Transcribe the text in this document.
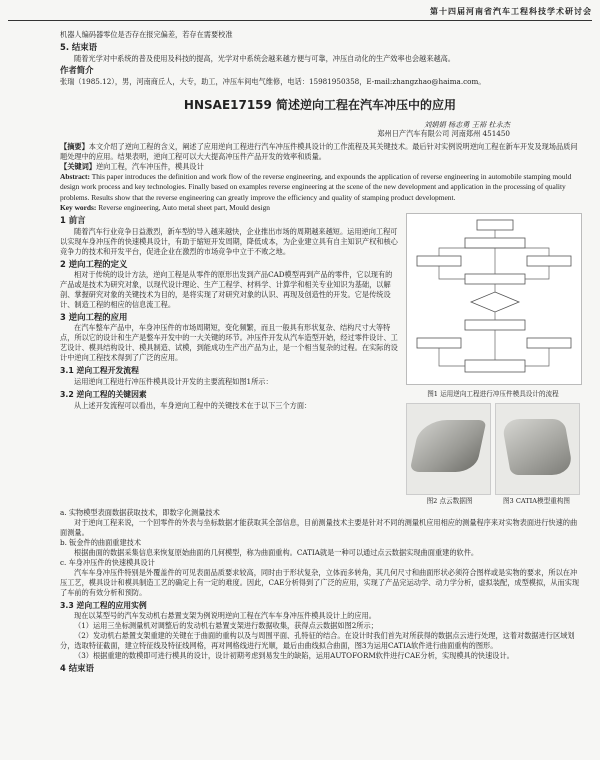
第十四届河南省汽车工程科技学术研讨会

机器人编码器零位是否存在报完偏差，若存在需要校准

5. 结束语

随着光学对中系统的普及使用及科技的提高，光学对中系统会越来越方便与可靠，冲压自动化的生产效率也会越来越高。

作者简介

张瑞（1985.12），男，河南商丘人，大专，助工，冲压车间电气维修，电话：15981950358，E-mail:zhangzhao@haima.com。

HNSAE17159 简述逆向工程在汽车冲压中的应用

刘娟娟 杨志勇 王裕 杜永杰

郑州日产汽车有限公司 河南郑州 451450

【摘要】本文介绍了逆向工程的含义，阐述了应用逆向工程进行汽车冲压件模具设计的工作流程及其关键技术。最后针对实例说明逆向工程在新车开发及现场品质问题处理中的应用。结果表明，逆向工程可以大大提高冲压件产品开发的效率和质量。

【关键词】逆向工程，汽车冲压件，模具设计

Abstract: This paper introduces the definition and work flow of the reverse engineering, and expounds the application of reverse engineering in automobile stamping mould design work process and key technologies. Finally based on examples reverse engineering at the scene of the new development and application in the processing of quality problems. Results show that the reverse engineering can greatly improve the efficiency and quality of stamping product development.

Key words: Reverse engineering, Auto metal sheet part, Mould design

1 前言

随着汽车行业竞争日益激烈，新车型的导入越来越快，企业推出市场的周期越来越短。运用逆向工程可以实现车身冲压件的快速模具设计，有助于缩短开发周期，降低成本，为企业建立具有自主知识产权和核心竞争力的技术和开发平台，促进企业在激烈的市场竞争中立于不败之地。

2 逆向工程的定义

相对于传统的设计方法，逆向工程是从零件的原形出发到产品CAD模型再到产品的零件，它以现有的产品或是技术为研究对象，以现代设计理论、生产工程学、材料学、计算学和相关专业知识为基础，以解剖、掌握研究对象的关键技术为目的，是将实现了对研究对象的认识、再现及创造性的开发。它是传统设计、制造工程的相应的信息流工程。

3 逆向工程的应用

在汽车整车产品中，车身冲压件的市场周期短，变化频繁，而且一般具有形状复杂、结构尺寸大等特点，所以它的设计和生产是整车开发中的一大关键的环节。冲压件开发从汽车造型开始，经过零件设计、工艺设计、模具结构设计、模具制造、试模，到能成功生产出产品为止，是一个相当复杂的过程。在实际的设计中逆向工程技术得到了广泛的应用。

3.1 逆向工程开发流程

运用逆向工程进行冲压件模具设计开发的主要流程如图1所示：

3.2 逆向工程的关键因素

从上述开发流程可以看出，车身逆向工程中的关键技术在于以下三个方面：

图1 运用逆向工程进行冲压件模具设计的流程

图2 点云数据图	图3 CATIA模型重构图

a. 实物模型表面数据获取技术，即数字化测量技术

对于逆向工程来说，一个回零件的外表与坐标数据才能获取其全部信息，目前测量技术主要是针对不同的测量机应用相应的测量程序来对实物表面进行快速的曲面测量。

b. 钣金件的曲面重建技术

根据曲面的数据采集信息来恢复原始曲面的几何模型，称为曲面重构。CATIA就是一种可以通过点云数据实现曲面重建的软件。

c. 车身冲压件的快速模具设计

汽车车身冲压件特别是外覆盖件的可见表面品质要求较高，同时由于形状复杂，立体而多转角，其几何尺寸和曲面形状必须符合图样或是实物的要求，所以在冲压工艺，模具设计和模具制造工艺的确定上有一定的难度。因此，CAE分析得到了广泛的应用，实现了产品完运动学、动力学分析，虚拟装配，成型模拟，从而实现了车前的有效分析和预防。

3.3 逆向工程的应用实例

现在以某型号的汽车发动机右悬置支架为例说明逆向工程在汽车车身冲压件模具设计上的应用。

（1）运用三坐标测量机对调整后的发动机右悬置支架进行数据收集，获得点云数据如图2所示；

（2）发动机右悬置支架重建的关键在于曲面的重构以及与周围平面、孔特征的结合。在设计时我们首先对所获得的数据点云进行处理，这着对数据进行区域划分，选取特征截面，建立特征线及特征线网格，再对网格线进行光顺，最后由曲线拟合曲面，图3为运用CATIA软件进行曲面重构的图形。

（3）根据重建的数模即可进行模具的设计，设计初期考虑到易发生的缺陷，运用AUTOFORM软件进行CAE分析，实现模具的快速设计。

4 结束语
